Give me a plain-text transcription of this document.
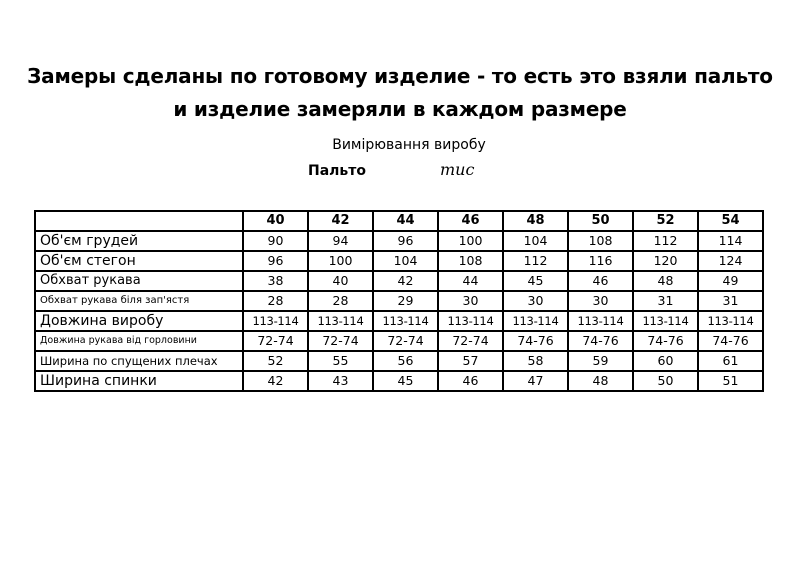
Замеры сделаны по готовому изделие - то есть это взяли пальто
и изделие замеряли в каждом размере
Вимірювання виробу
Пальто	тис
	40	42	44	46	48	50	52	54
Об'єм грудей	90	94	96	100	104	108	112	114
Об'єм стегон	96	100	104	108	112	116	120	124
Обхват рукава	38	40	42	44	45	46	48	49
Обхват рукава біля зап'ястя	28	28	29	30	30	30	31	31
Довжина виробу	113-114	113-114	113-114	113-114	113-114	113-114	113-114	113-114
Довжина рукава від горловини	72-74	72-74	72-74	72-74	74-76	74-76	74-76	74-76
Ширина по спущених плечах	52	55	56	57	58	59	60	61
Ширина спинки	42	43	45	46	47	48	50	51
